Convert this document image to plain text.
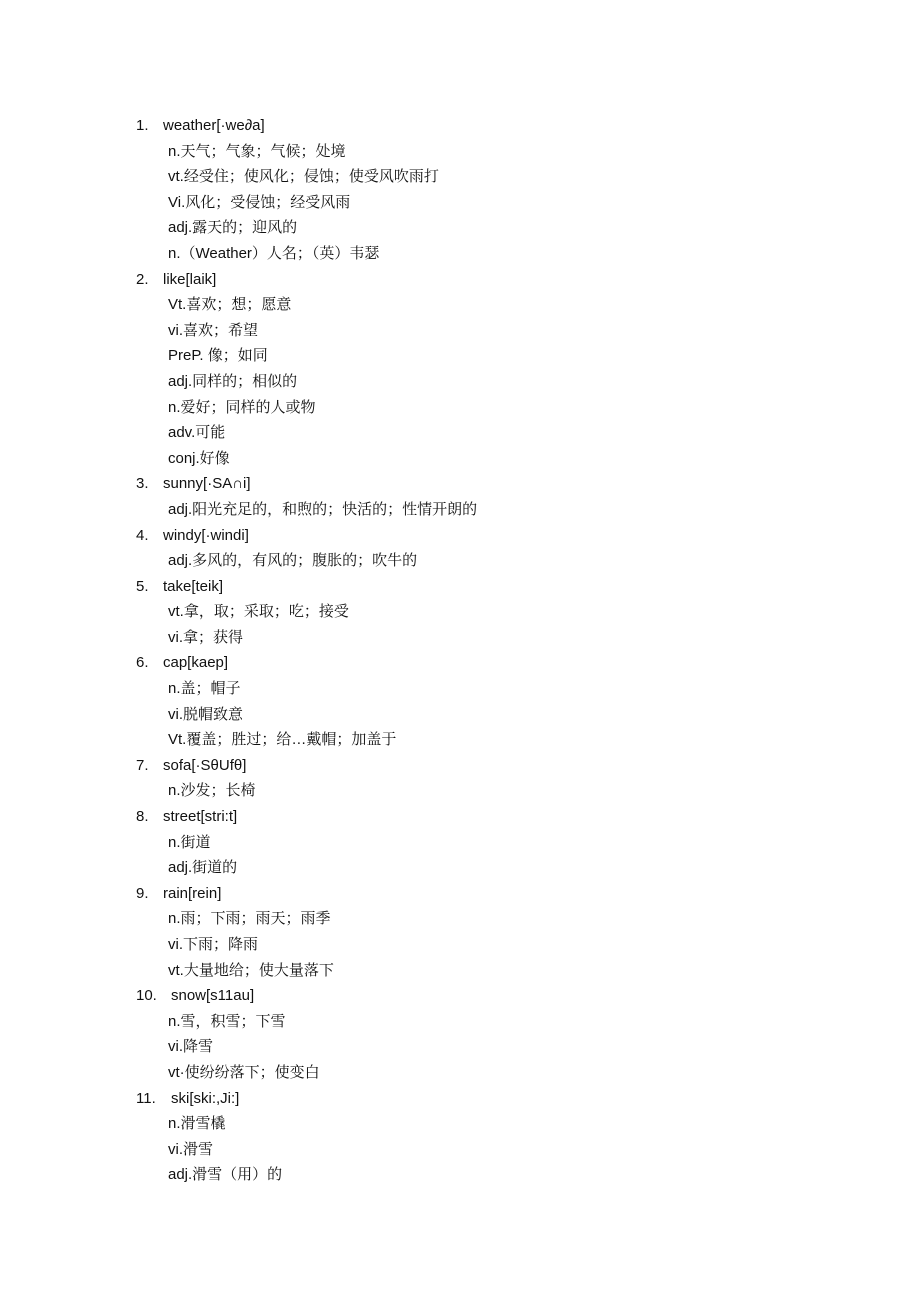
1. weather[·we∂a]
n.天气；气象；气候；处境
vt.经受住；使风化；侵蚀；使受风吹雨打
Vi.风化；受侵蚀；经受风雨
adj.露天的；迎风的
n.（Weather）人名；（英）韦瑟
2. like[laik]
Vt.喜欢；想；愿意
vi.喜欢；希望
PreP. 像；如同
adj.同样的；相似的
n.爱好；同样的人或物
adv.可能
conj.好像
3. sunny[·SA∩i]
adj.阳光充足的，和煦的；快活的；性情开朗的
4. windy[·windi]
adj.多风的，有风的；腹胀的；吹牛的
5. take[teik]
vt.拿，取；采取；吃；接受
vi.拿；获得
6. cap[kaep]
n.盖；帽子
vi.脱帽致意
Vt.覆盖；胜过；给…戴帽；加盖于
7. sofa[·SθUfθ]
n.沙发；长椅
8. street[stri:t]
n.街道
adj.街道的
9. rain[rein]
n.雨；下雨；雨天；雨季
vi.下雨；降雨
vt.大量地给；使大量落下
10. snow[s11au]
n.雪，积雪；下雪
vi.降雪
vt·使纷纷落下；使变白
11. ski[ski:,Ji:]
n.滑雪橇
vi.滑雪
adj.滑雪（用）的
